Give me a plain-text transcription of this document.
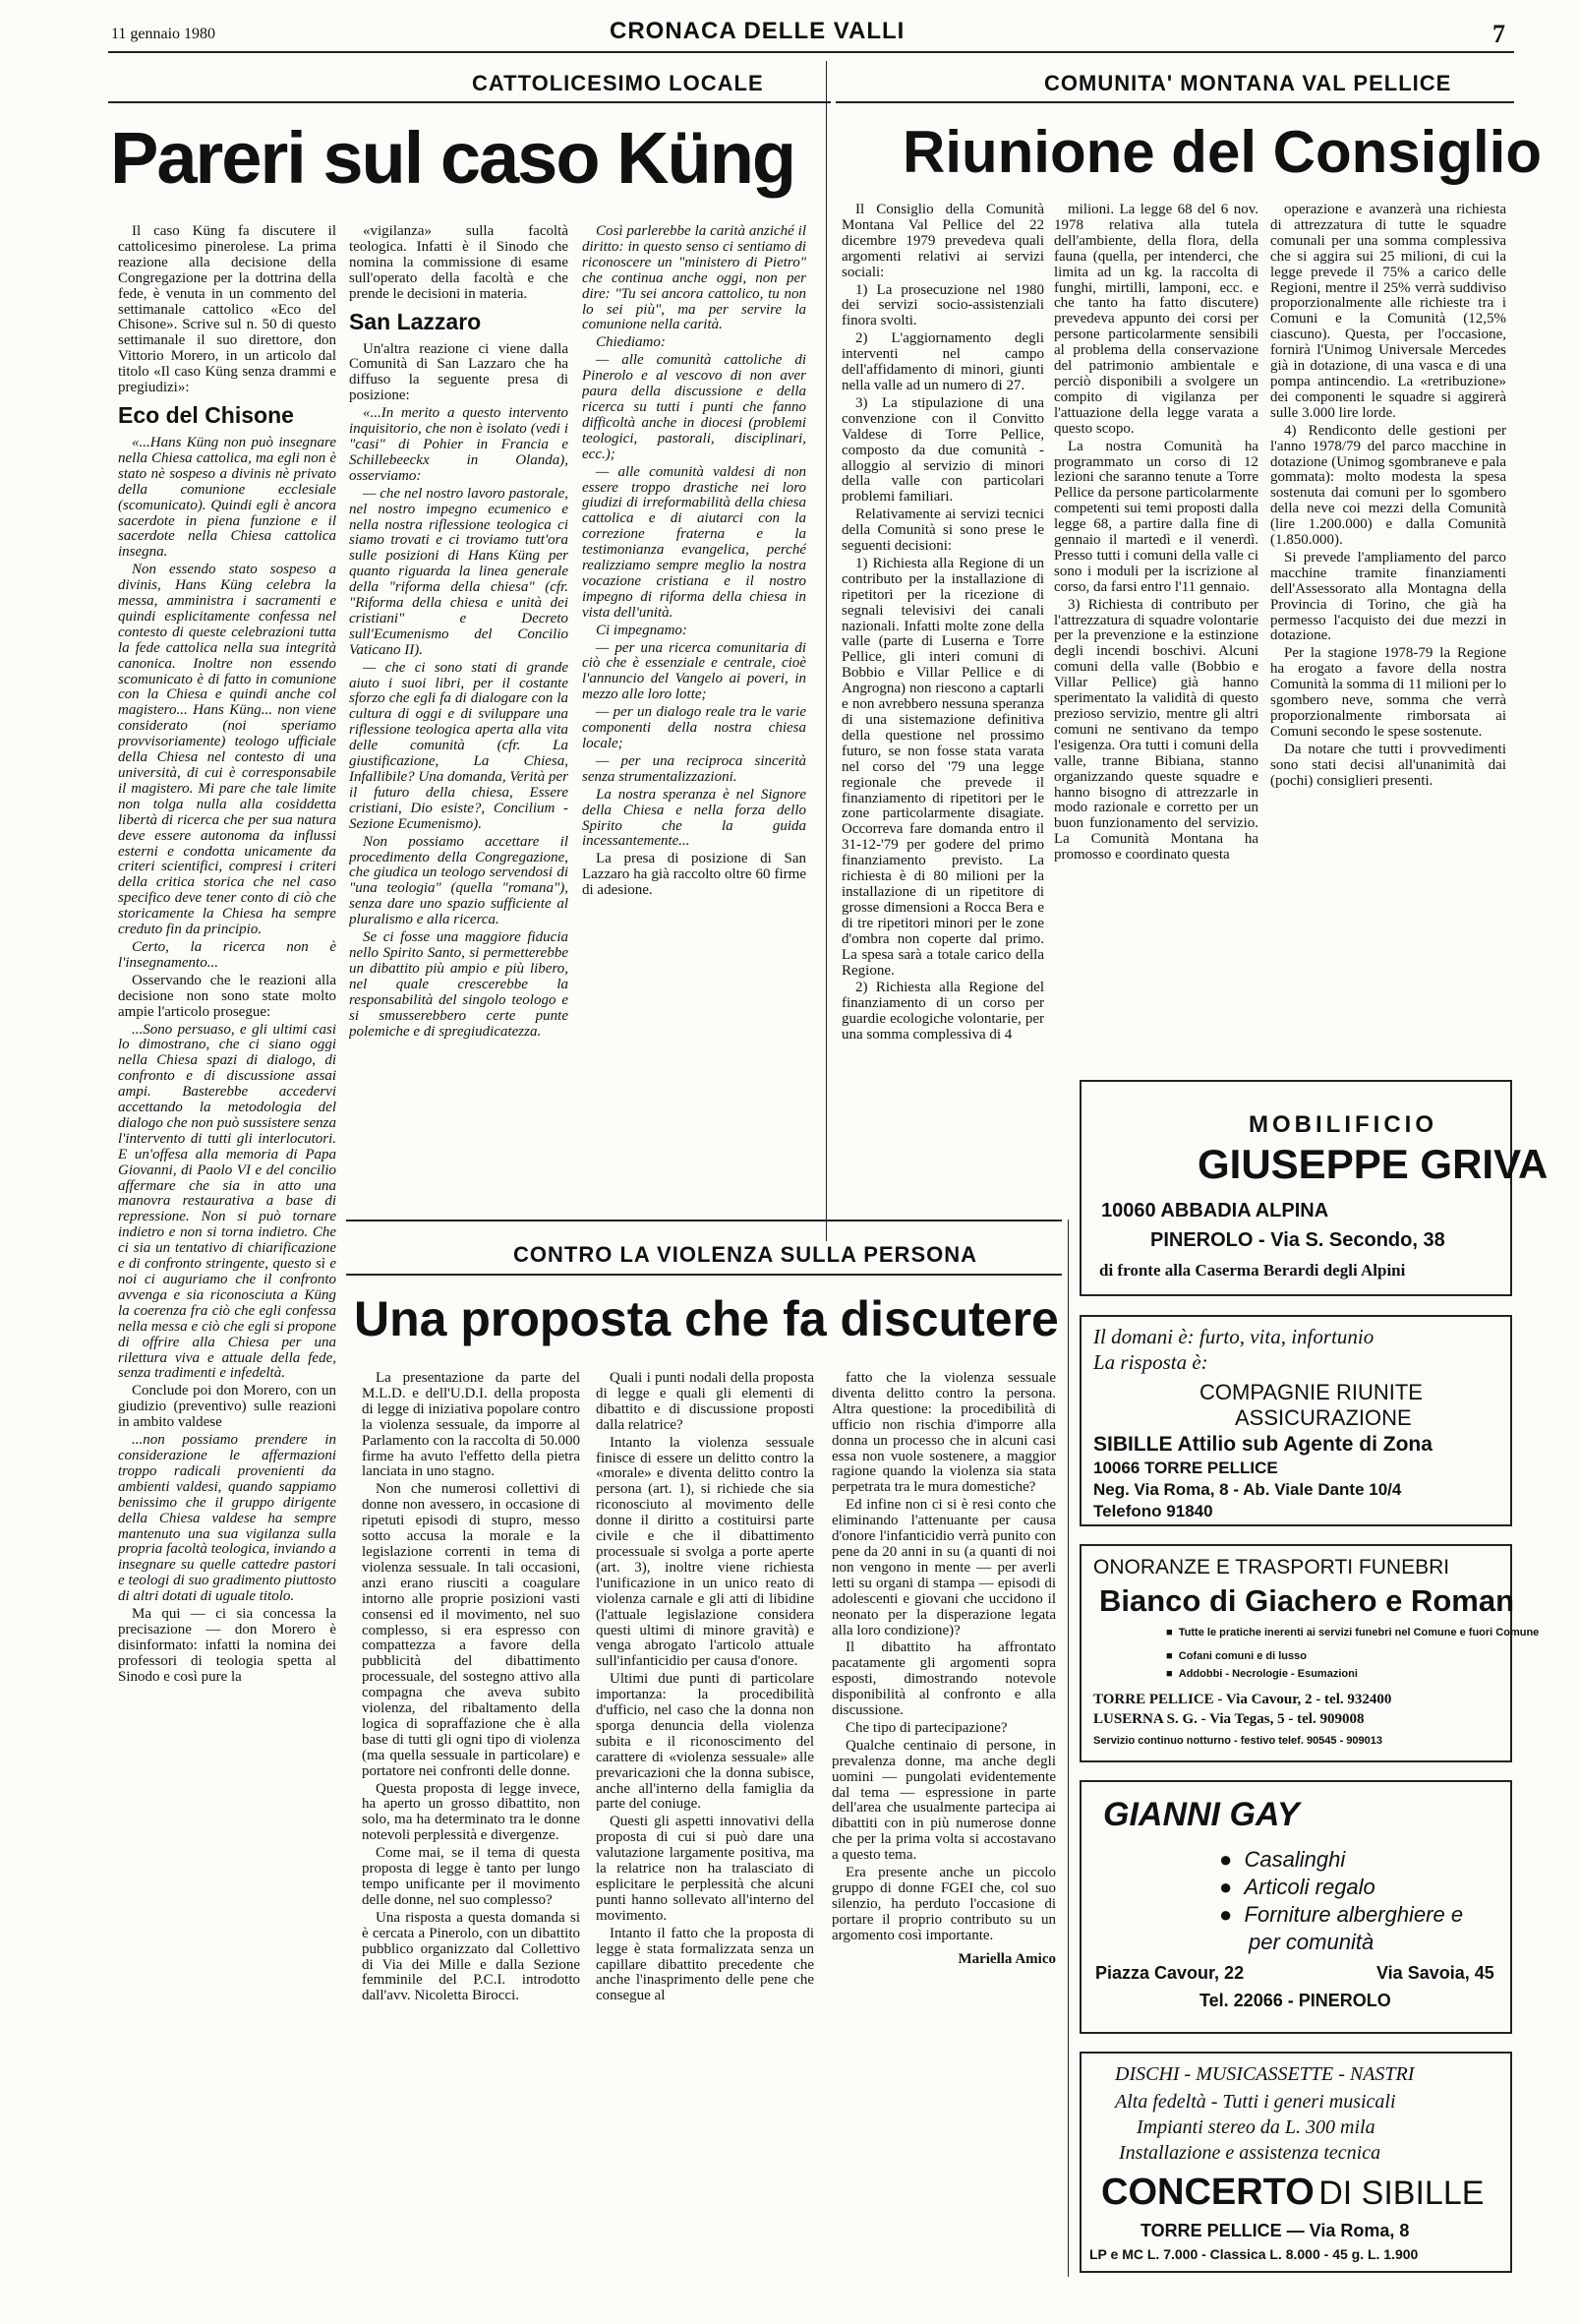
11 gennaio 1980	CRONACA DELLE VALLI	7
CATTOLICESIMO LOCALE
Pareri sul caso Küng

Il caso Küng fa discutere il cattolicesimo pinerolese. La prima reazione alla decisione della Congregazione per la dottrina della fede, è venuta in un commento del settimanale cattolico «Eco del Chisone». Scrive sul n. 50 di questo settimanale il suo direttore, don Vittorio Morero, in un articolo dal titolo «Il caso Küng senza drammi e pregiudizi»:

Eco del Chisone

«...Hans Küng non può insegnare nella Chiesa cattolica, ma egli non è stato nè sospeso a divinis nè privato della comunione ecclesiale (scomunicato). Quindi egli è ancora sacerdote in piena funzione e il sacerdote nella Chiesa cattolica insegna.

Non essendo stato sospeso a divinis, Hans Küng celebra la messa, amministra i sacramenti e quindi esplicitamente confessa nel contesto di queste celebrazioni tutta la fede cattolica nella sua integrità canonica. Inoltre non essendo scomunicato è di fatto in comunione con la Chiesa e quindi anche col magistero... Hans Küng... non viene considerato (noi speriamo provvisoriamente) teologo ufficiale della Chiesa nel contesto di una università, di cui è corresponsabile il magistero. Mi pare che tale limite non tolga nulla alla cosiddetta libertà di ricerca che per sua natura deve essere autonoma da influssi esterni e condotta unicamente da criteri scientifici, compresi i criteri della critica storica che nel caso specifico deve tener conto di ciò che storicamente la Chiesa ha sempre creduto fin da principio.

Certo, la ricerca non è l'insegnamento...

Osservando che le reazioni alla decisione non sono state molto ampie l'articolo prosegue:

...Sono persuaso, e gli ultimi casi lo dimostrano, che ci siano oggi nella Chiesa spazi di dialogo, di confronto e di discussione assai ampi. Basterebbe accedervi accettando la metodologia del dialogo che non può sussistere senza l'intervento di tutti gli interlocutori. E un'offesa alla memoria di Papa Giovanni, di Paolo VI e del concilio affermare che sia in atto una manovra restaurativa a base di repressione. Non si può tornare indietro e non si torna indietro. Che ci sia un tentativo di chiarificazione e di confronto stringente, questo sì e noi ci auguriamo che il confronto avvenga e sia riconosciuta a Küng la coerenza fra ciò che egli confessa nella messa e ciò che egli si propone di offrire alla Chiesa per una rilettura viva e attuale della fede, senza tradimenti e infedeltà.

Conclude poi don Morero, con un giudizio (preventivo) sulle reazioni in ambito valdese

...non possiamo prendere in considerazione le affermazioni troppo radicali provenienti da ambienti valdesi, quando sappiamo benissimo che il gruppo dirigente della Chiesa valdese ha sempre mantenuto una sua vigilanza sulla propria facoltà teologica, inviando a insegnare su quelle cattedre pastori e teologi di suo gradimento piuttosto di altri dotati di uguale titolo.

Ma qui — ci sia concessa la precisazione — don Morero è disinformato: infatti la nomina dei professori di teologia spetta al Sinodo e così pure la

«vigilanza» sulla facoltà teologica. Infatti è il Sinodo che nomina la commissione di esame sull'operato della facoltà e che prende le decisioni in materia.

San Lazzaro

Un'altra reazione ci viene dalla Comunità di San Lazzaro che ha diffuso la seguente presa di posizione:

«...In merito a questo intervento inquisitorio, che non è isolato (vedi i "casi" di Pohier in Francia e Schillebeeckx in Olanda), osserviamo:

— che nel nostro lavoro pastorale, nel nostro impegno ecumenico e nella nostra riflessione teologica ci siamo trovati e ci troviamo tutt'ora sulle posizioni di Hans Küng per quanto riguarda la linea generale della "riforma della chiesa" (cfr. "Riforma della chiesa e unità dei cristiani" e Decreto sull'Ecumenismo del Concilio Vaticano II).

— che ci sono stati di grande aiuto i suoi libri, per il costante sforzo che egli fa di dialogare con la cultura di oggi e di sviluppare una riflessione teologica aperta alla vita delle comunità (cfr. La giustificazione, La Chiesa, Infallibile? Una domanda, Verità per il futuro della chiesa, Essere cristiani, Dio esiste?, Concilium - Sezione Ecumenismo).

Non possiamo accettare il procedimento della Congregazione, che giudica un teologo servendosi di "una teologia" (quella "romana"), senza dare uno spazio sufficiente al pluralismo e alla ricerca.

Se ci fosse una maggiore fiducia nello Spirito Santo, si permetterebbe un dibattito più ampio e più libero, nel quale crescerebbe la responsabilità del singolo teologo e si smusserebbero certe punte polemiche e di spregiudicatezza.

Così parlerebbe la carità anziché il diritto: in questo senso ci sentiamo di riconoscere un "ministero di Pietro" che continua anche oggi, non per dire: "Tu sei ancora cattolico, tu non lo sei più", ma per servire la comunione nella carità.

Chiediamo:

— alle comunità cattoliche di Pinerolo e al vescovo di non aver paura della discussione e della ricerca su tutti i punti che fanno difficoltà anche in diocesi (problemi teologici, pastorali, disciplinari, ecc.);

— alle comunità valdesi di non essere troppo drastiche nei loro giudizi di irreformabilità della chiesa cattolica e di aiutarci con la correzione fraterna e la testimonianza evangelica, perché realizziamo sempre meglio la nostra vocazione cristiana e il nostro impegno di riforma della chiesa in vista dell'unità.

Ci impegnamo:

— per una ricerca comunitaria di ciò che è essenziale e centrale, cioè l'annuncio del Vangelo ai poveri, in mezzo alle loro lotte;

— per un dialogo reale tra le varie componenti della nostra chiesa locale;

— per una reciproca sincerità senza strumentalizzazioni.

La nostra speranza è nel Signore della Chiesa e nella forza dello Spirito che la guida incessantemente...

La presa di posizione di San Lazzaro ha già raccolto oltre 60 firme di adesione.

COMUNITA' MONTANA VAL PELLICE
Riunione del Consiglio

Il Consiglio della Comunità Montana Val Pellice del 22 dicembre 1979 prevedeva quali argomenti relativi ai servizi sociali:

1) La prosecuzione nel 1980 dei servizi socio-assistenziali finora svolti.

2) L'aggiornamento degli interventi nel campo dell'affidamento di minori, giunti nella valle ad un numero di 27.

3) La stipulazione di una convenzione con il Convitto Valdese di Torre Pellice, composto da due comunità - alloggio al servizio di minori della valle con particolari problemi familiari.

Relativamente ai servizi tecnici della Comunità si sono prese le seguenti decisioni:

1) Richiesta alla Regione di un contributo per la installazione di ripetitori per la ricezione di segnali televisivi dei canali nazionali. Infatti molte zone della valle (parte di Luserna e Torre Pellice, gli interi comuni di Bobbio e Villar Pellice e di Angrogna) non riescono a captarli e non avrebbero nessuna speranza di una sistemazione definitiva della questione nel prossimo futuro, se non fosse stata varata nel corso del '79 una legge regionale che prevede il finanziamento di ripetitori per le zone particolarmente disagiate. Occorreva fare domanda entro il 31-12-'79 per godere del primo finanziamento previsto. La richiesta è di 80 milioni per la installazione di un ripetitore di grosse dimensioni a Rocca Bera e di tre ripetitori minori per le zone d'ombra non coperte dal primo. La spesa sarà a totale carico della Regione.

2) Richiesta alla Regione del finanziamento di un corso per guardie ecologiche volontarie, per una somma complessiva di 4

milioni. La legge 68 del 6 nov. 1978 relativa alla tutela dell'ambiente, della flora, della fauna (quella, per intenderci, che limita ad un kg. la raccolta di funghi, mirtilli, lamponi, ecc. e che tanto ha fatto discutere) prevedeva appunto dei corsi per persone particolarmente sensibili al problema della conservazione del patrimonio ambientale e perciò disponibili a svolgere un compito di vigilanza per l'attuazione della legge varata a questo scopo.

La nostra Comunità ha programmato un corso di 12 lezioni che saranno tenute a Torre Pellice da persone particolarmente competenti sui temi proposti dalla legge 68, a partire dalla fine di gennaio il martedì e il venerdì. Presso tutti i comuni della valle ci sono i moduli per la iscrizione al corso, da farsi entro l'11 gennaio.

3) Richiesta di contributo per l'attrezzatura di squadre volontarie per la prevenzione e la estinzione degli incendi boschivi. Alcuni comuni della valle (Bobbio e Villar Pellice) già hanno sperimentato la validità di questo prezioso servizio, mentre gli altri comuni ne sentivano da tempo l'esigenza. Ora tutti i comuni della valle, tranne Bibiana, stanno organizzando queste squadre e hanno bisogno di attrezzarle in modo razionale e corretto per un buon funzionamento del servizio. La Comunità Montana ha promosso e coordinato questa

operazione e avanzerà una richiesta di attrezzatura di tutte le squadre comunali per una somma complessiva che si aggira sui 25 milioni, di cui la legge prevede il 75% a carico delle Regioni, mentre il 25% verrà suddiviso proporzionalmente alle richieste tra i Comuni e la Comunità (12,5% ciascuno). Questa, per l'occasione, fornirà l'Unimog Universale Mercedes già in dotazione, di una vasca e di una pompa antincendio. La «retribuzione» dei componenti le squadre si aggirerà sulle 3.000 lire lorde.

4) Rendiconto delle gestioni per l'anno 1978/79 del parco macchine in dotazione (Unimog sgombraneve e pala gommata): molto modesta la spesa sostenuta dai comuni per lo sgombero della neve coi mezzi della Comunità (lire 1.200.000) e dalla Comunità (1.850.000).

Si prevede l'ampliamento del parco macchine tramite finanziamenti dell'Assessorato alla Montagna della Provincia di Torino, che già ha permesso l'acquisto dei due mezzi in dotazione.

Per la stagione 1978-79 la Regione ha erogato a favore della nostra Comunità la somma di 11 milioni per lo sgombero neve, somma che verrà proporzionalmente rimborsata ai Comuni secondo le spese sostenute.

Da notare che tutti i provvedimenti sono stati decisi all'unanimità dai (pochi) consiglieri presenti.

CONTRO LA VIOLENZA SULLA PERSONA
Una proposta che fa discutere

La presentazione da parte del M.L.D. e dell'U.D.I. della proposta di legge di iniziativa popolare contro la violenza sessuale, da imporre al Parlamento con la raccolta di 50.000 firme ha avuto l'effetto della pietra lanciata in uno stagno.

Non che numerosi collettivi di donne non avessero, in occasione di ripetuti episodi di stupro, messo sotto accusa la morale e la legislazione correnti in tema di violenza sessuale. In tali occasioni, anzi erano riusciti a coagulare intorno alle proprie posizioni vasti consensi ed il movimento, nel suo complesso, si era espresso con compattezza a favore della pubblicità del dibattimento processuale, del sostegno attivo alla compagna che aveva subito violenza, del ribaltamento della logica di sopraffazione che è alla base di tutti gli ogni tipo di violenza (ma quella sessuale in particolare) e portatore nei confronti delle donne.

Questa proposta di legge invece, ha aperto un grosso dibattito, non solo, ma ha determinato tra le donne notevoli perplessità e divergenze.

Come mai, se il tema di questa proposta di legge è tanto per lungo tempo unificante per il movimento delle donne, nel suo complesso?

Una risposta a questa domanda si è cercata a Pinerolo, con un dibattito pubblico organizzato dal Collettivo di Via dei Mille e dalla Sezione femminile del P.C.I. introdotto dall'avv. Nicoletta Birocci.

Quali i punti nodali della proposta di legge e quali gli elementi di dibattito e di discussione proposti dalla relatrice?

Intanto la violenza sessuale finisce di essere un delitto contro la «morale» e diventa delitto contro la persona (art. 1), si richiede che sia riconosciuto al movimento delle donne il diritto a costituirsi parte civile e che il dibattimento processuale si svolga a porte aperte (art. 3), inoltre viene richiesta l'unificazione in un unico reato di violenza carnale e gli atti di libidine (l'attuale legislazione considera questi ultimi di minore gravità) e venga abrogato l'articolo attuale sull'infanticidio per causa d'onore.

Ultimi due punti di particolare importanza: la procedibilità d'ufficio, nel caso che la donna non sporga denuncia della violenza subita e il riconoscimento del carattere di «violenza sessuale» alle prevaricazioni che la donna subisce, anche all'interno della famiglia da parte del coniuge.

Questi gli aspetti innovativi della proposta di cui si può dare una valutazione largamente positiva, ma la relatrice non ha tralasciato di esplicitare le perplessità che alcuni punti hanno sollevato all'interno del movimento.

Intanto il fatto che la proposta di legge è stata formalizzata senza un capillare dibattito precedente che anche l'inasprimento delle pene che conseguе al

fatto che la violenza sessuale diventa delitto contro la persona. Altra questione: la procedibilità di ufficio non rischia d'imporre alla donna un processo che in alcuni casi essa non vuole sostenere, a maggior ragione quando la violenza sia stata perpetrata tra le mura domestiche?

Ed infine non ci si è resi conto che eliminando l'attenuante per causa d'onore l'infanticidio verrà punito con pene da 20 anni in su (a quanti di noi non vengono in mente — per averli letti su organi di stampa — episodi di adolescenti e giovani che uccidono il neonato per la disperazione legata alla loro condizione)?

Il dibattito ha affrontato pacatamente gli argomenti sopra esposti, dimostrando notevole disponibilità al confronto e alla discussione.

Che tipo di partecipazione?

Qualche centinaio di persone, in prevalenza donne, ma anche degli uomini — pungolati evidentemente dal tema — espressione in parte dell'area che usualmente partecipa ai dibattiti con in più numerose donne che per la prima volta si accostavano a questo tema.

Era presente anche un piccolo gruppo di donne FGEI che, col suo silenzio, ha perduto l'occasione di portare il proprio contributo su un argomento così importante.

Mariella Amico
MOBILIFICIO
GIUSEPPE GRIVA
10060 ABBADIA ALPINA
PINEROLO - Via S. Secondo, 38
di fronte alla Caserma Berardi degli Alpini
Il domani è: furto, vita, infortunio
La risposta è:
COMPAGNIE RIUNITE
ASSICURAZIONE
SIBILLE Attilio sub Agente di Zona
10066 TORRE PELLICE
Neg. Via Roma, 8 - Ab. Viale Dante 10/4
Telefono 91840
ONORANZE E TRASPORTI FUNEBRI
Bianco di Giachero e Roman
■  Tutte le pratiche inerenti ai servizi funebri nel Comune e fuori Comune
■  Cofani comuni e di lusso
■  Addobbi - Necrologie - Esumazioni
TORRE PELLICE - Via Cavour, 2 - tel. 932400
LUSERNA S. G. - Via Tegas, 5 - tel. 909008
Servizio continuo notturno - festivo telef. 90545 - 909013
GIANNI GAY
●  Casalinghi
●  Articoli regalo
●  Forniture alberghiere e
per comunità
Piazza Cavour, 22	Via Savoia, 45
Tel. 22066 - PINEROLO
DISCHI - MUSICASSETTE - NASTRI
Alta fedeltà - Tutti i generi musicali
Impianti stereo da L. 300 mila
Installazione e assistenza tecnica
CONCERTO DI SIBILLE
TORRE PELLICE — Via Roma, 8
LP e MC L. 7.000 - Classica L. 8.000 - 45 g. L. 1.900
